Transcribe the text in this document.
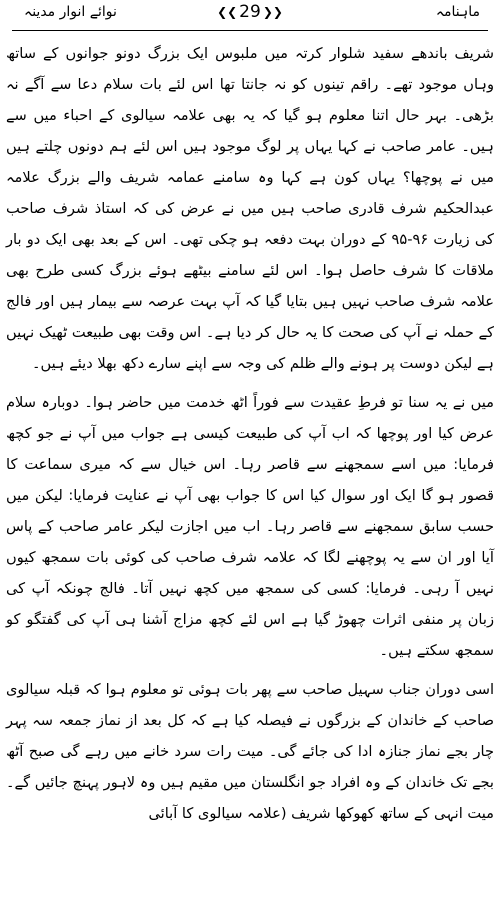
ماہنامہ
❮❮ 29 ❯❯
نوائے انوار مدینہ

شریف باندھے سفید شلوار کرتہ میں ملبوس ایک بزرگ دونو جوانوں کے ساتھ وہاں موجود تھے۔ راقم تینوں کو نہ جانتا تھا اس لئے بات سلام دعا سے آگے نہ بڑھی۔ بہر حال اتنا معلوم ہو گیا کہ یہ بھی علامہ سیالوی کے احباء میں سے ہیں۔ عامر صاحب نے کہا یہاں پر لوگ موجود ہیں اس لئے ہم دونوں چلتے ہیں میں نے پوچھا؟ یہاں کون ہے کہا وہ سامنے عمامہ شریف والے بزرگ علامہ عبدالحکیم شرف قادری صاحب ہیں میں نے عرض کی کہ استاذ شرف صاحب کی زیارت ۹۶-۹۵ کے دوران بہت دفعہ ہو چکی تھی۔ اس کے بعد بھی ایک دو بار ملاقات کا شرف حاصل ہوا۔ اس لئے سامنے بیٹھے ہوئے بزرگ کسی طرح بھی علامہ شرف صاحب نہیں ہیں بتایا گیا کہ آپ بہت عرصہ سے بیمار ہیں اور فالج کے حملہ نے آپ کی صحت کا یہ حال کر دیا ہے۔ اس وقت بھی طبیعت ٹھیک نہیں ہے لیکن دوست پر ہونے والے ظلم کی وجہ سے اپنے سارے دکھ بھلا دیئے ہیں۔

میں نے یہ سنا تو فرطِ عقیدت سے فوراً اٹھ خدمت میں حاضر ہوا۔ دوبارہ سلام عرض کیا اور پوچھا کہ اب آپ کی طبیعت کیسی ہے جواب میں آپ نے جو کچھ فرمایا: میں اسے سمجھنے سے قاصر رہا۔ اس خیال سے کہ میری سماعت کا قصور ہو گا ایک اور سوال کیا اس کا جواب بھی آپ نے عنایت فرمایا: لیکن میں حسب سابق سمجھنے سے قاصر رہا۔ اب میں اجازت لیکر عامر صاحب کے پاس آیا اور ان سے یہ پوچھنے لگا کہ علامہ شرف صاحب کی کوئی بات سمجھ کیوں نہیں آ رہی۔ فرمایا: کسی کی سمجھ میں کچھ نہیں آتا۔ فالج چونکہ آپ کی زبان پر منفی اثرات چھوڑ گیا ہے اس لئے کچھ مزاج آشنا ہی آپ کی گفتگو کو سمجھ سکتے ہیں۔

اسی دوران جناب سہیل صاحب سے پھر بات ہوئی تو معلوم ہوا کہ قبلہ سیالوی صاحب کے خاندان کے بزرگوں نے فیصلہ کیا ہے کہ کل بعد از نماز جمعہ سہ پہر چار بجے نماز جنازہ ادا کی جائے گی۔ میت رات سرد خانے میں رہے گی صبح آٹھ بجے تک خاندان کے وہ افراد جو انگلستان میں مقیم ہیں وہ لاہور پہنچ جائیں گے۔ میت انہی کے ساتھ کھوکھا شریف (علامہ سیالوی کا آبائی
